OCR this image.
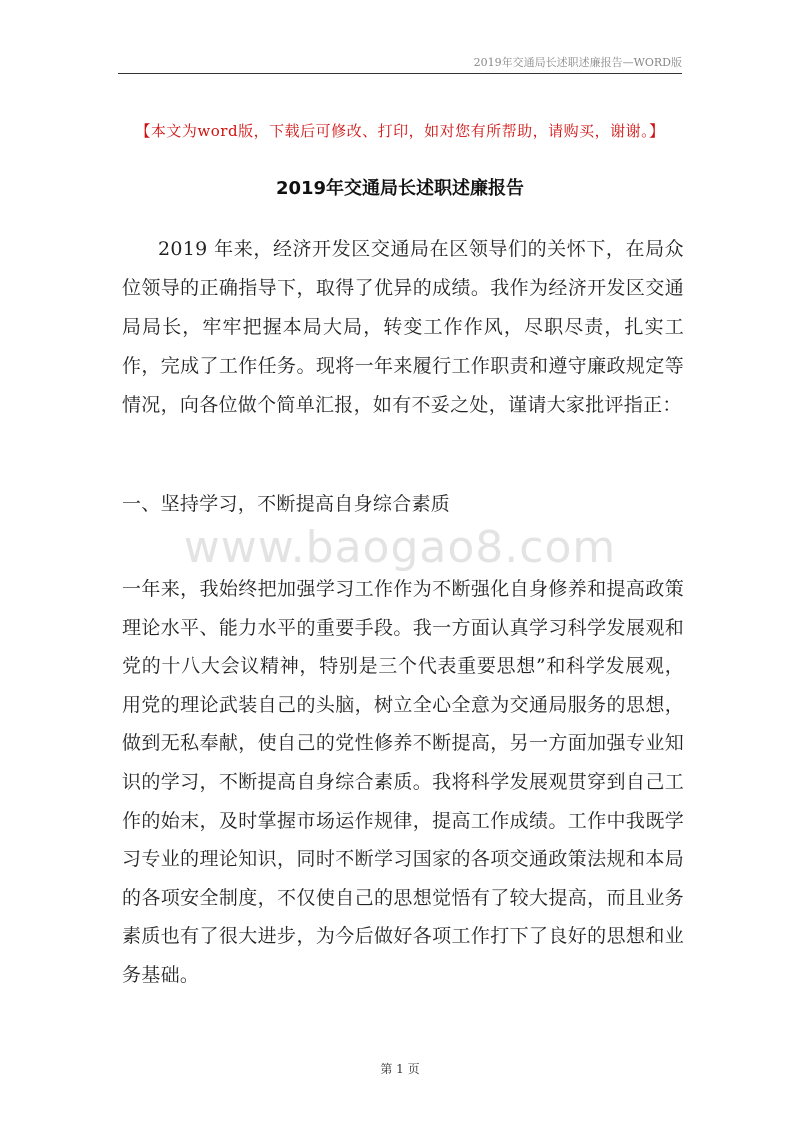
2019年交通局长述职述廉报告—WORD版
【本文为word版，下载后可修改、打印，如对您有所帮助，请购买，谢谢。】
2019年交通局长述职述廉报告
2019 年来，经济开发区交通局在区领导们的关怀下，在局众位领导的正确指导下，取得了优异的成绩。我作为经济开发区交通局局长，牢牢把握本局大局，转变工作作风，尽职尽责，扎实工作，完成了工作任务。现将一年来履行工作职责和遵守廉政规定等情况，向各位做个简单汇报，如有不妥之处，谨请大家批评指正：
一、坚持学习，不断提高自身综合素质
www.baogao8.com
一年来，我始终把加强学习工作作为不断强化自身修养和提高政策理论水平、能力水平的重要手段。我一方面认真学习科学发展观和党的十八大会议精神，特别是三个代表重要思想”和科学发展观，用党的理论武装自己的头脑，树立全心全意为交通局服务的思想，做到无私奉献，使自己的党性修养不断提高，另一方面加强专业知识的学习，不断提高自身综合素质。我将科学发展观贯穿到自己工作的始末，及时掌握市场运作规律，提高工作成绩。工作中我既学习专业的理论知识，同时不断学习国家的各项交通政策法规和本局的各项安全制度，不仅使自己的思想觉悟有了较大提高，而且业务素质也有了很大进步，为今后做好各项工作打下了良好的思想和业务基础。
第 1 页
